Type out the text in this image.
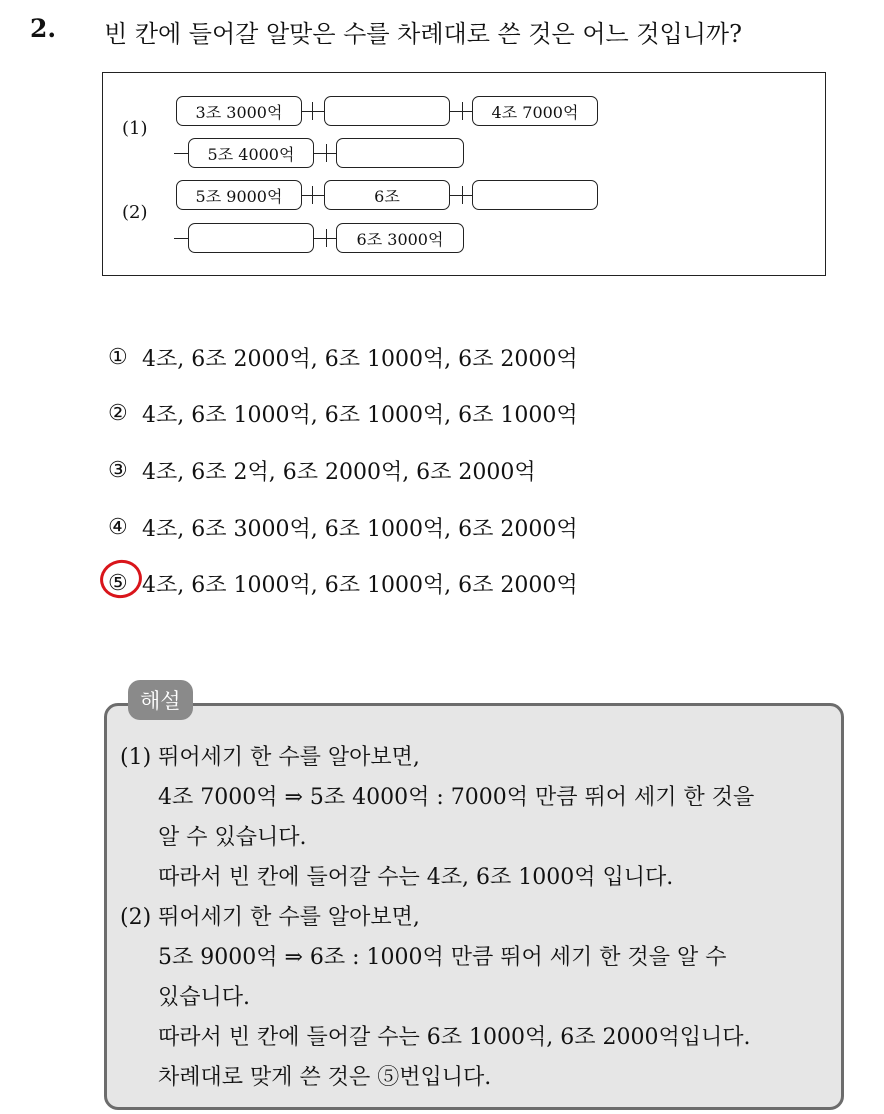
2. 빈 칸에 들어갈 알맞은 수를 차례대로 쓴 것은 어느 것입니까?
(1)
(2)
3조 3000억	4조 7000억
5조 4000억
5조 9000억	6조
6조 3000억
① 4조, 6조 2000억, 6조 1000억, 6조 2000억
② 4조, 6조 1000억, 6조 1000억, 6조 1000억
③ 4조, 6조 2억, 6조 2000억, 6조 2000억
④ 4조, 6조 3000억, 6조 1000억, 6조 2000억
⑤ 4조, 6조 1000억, 6조 1000억, 6조 2000억
해설
(1) 뛰어세기 한 수를 알아보면,
4조 7000억 ⇒ 5조 4000억 : 7000억 만큼 뛰어 세기 한 것을
알 수 있습니다.
따라서 빈 칸에 들어갈 수는 4조, 6조 1000억 입니다.
(2) 뛰어세기 한 수를 알아보면,
5조 9000억 ⇒ 6조 : 1000억 만큼 뛰어 세기 한 것을 알 수
있습니다.
따라서 빈 칸에 들어갈 수는 6조 1000억, 6조 2000억입니다.
차례대로 맞게 쓴 것은 ⑤번입니다.
